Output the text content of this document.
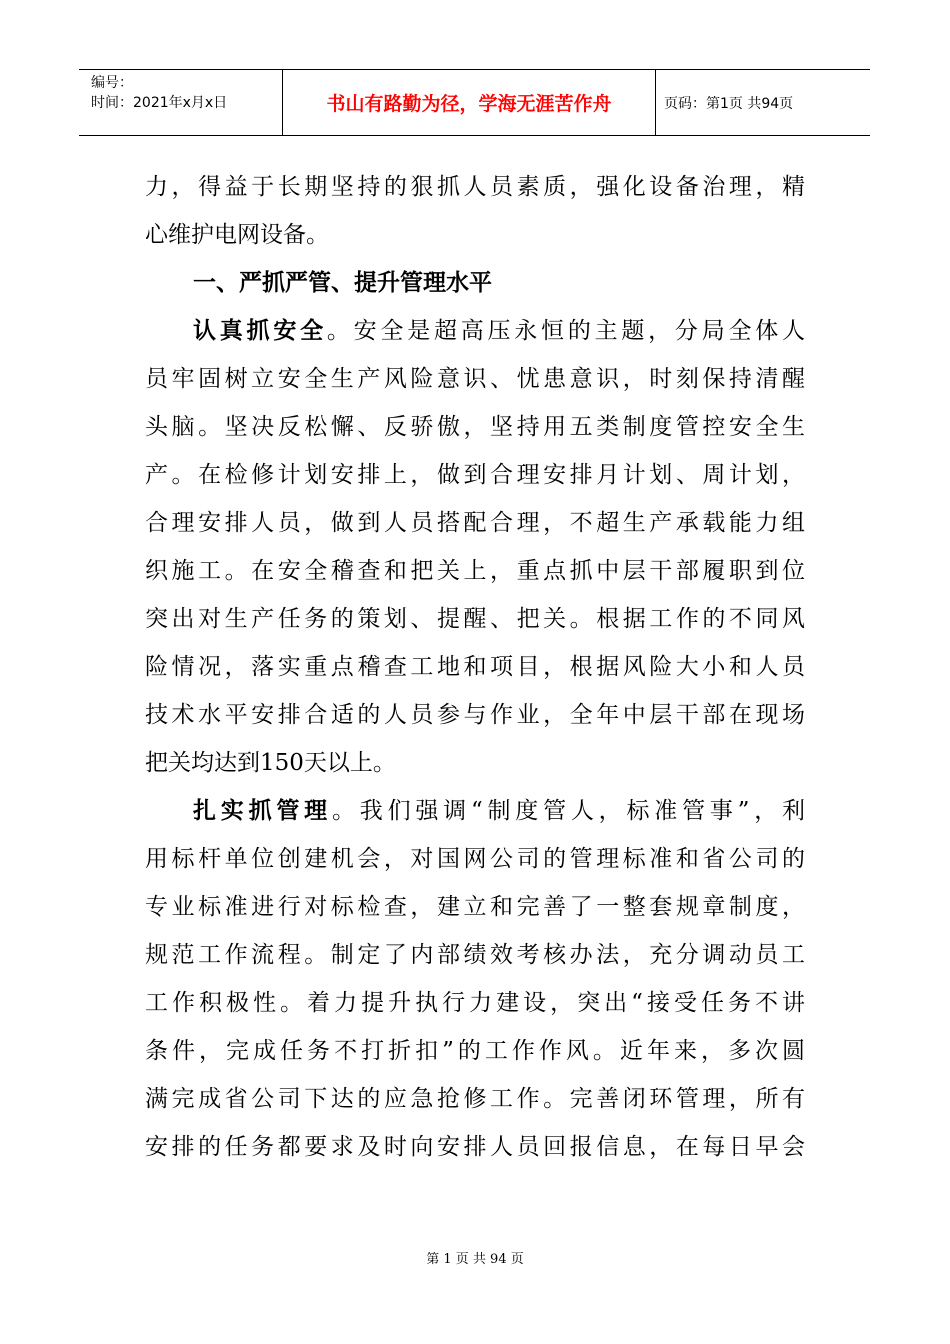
编号：
时间：2021年x月x日	书山有路勤为径，学海无涯苦作舟	页码：第1页 共94页
力，得益于长期坚持的狠抓人员素质，强化设备治理，精
心维护电网设备。
一、严抓严管、提升管理水平
认真抓安全。安全是超高压永恒的主题，分局全体人
员牢固树立安全生产风险意识、忧患意识，时刻保持清醒
头脑。坚决反松懈、反骄傲，坚持用五类制度管控安全生
产。在检修计划安排上，做到合理安排月计划、周计划，
合理安排人员，做到人员搭配合理，不超生产承载能力组
织施工。在安全稽查和把关上，重点抓中层干部履职到位
突出对生产任务的策划、提醒、把关。根据工作的不同风
险情况，落实重点稽查工地和项目，根据风险大小和人员
技术水平安排合适的人员参与作业，全年中层干部在现场
把关均达到150天以上。
扎实抓管理。我们强调“制度管人，标准管事”，利
用标杆单位创建机会，对国网公司的管理标准和省公司的
专业标准进行对标检查，建立和完善了一整套规章制度，
规范工作流程。制定了内部绩效考核办法，充分调动员工
工作积极性。着力提升执行力建设，突出“接受任务不讲
条件，完成任务不打折扣”的工作作风。近年来，多次圆
满完成省公司下达的应急抢修工作。完善闭环管理，所有
安排的任务都要求及时向安排人员回报信息，在每日早会
第 1 页 共 94 页
